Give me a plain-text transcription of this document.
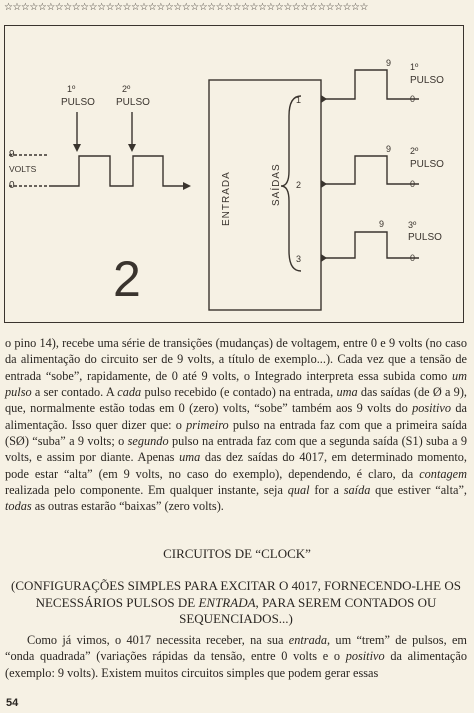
☆☆☆☆☆☆☆☆☆☆☆☆☆☆☆☆☆☆☆☆☆☆☆☆☆☆☆☆☆☆☆☆☆☆☆☆☆☆☆☆☆☆☆
1º
PULSO
2º
PULSO
9
VOLTS
0	ENTRADA	SAÍDAS
1
2
3
9 1º
PULSO
0
9 2º
PULSO
0
9	3º
PULSO
0
2

o pino 14), recebe uma série de transições (mudanças) de voltagem, entre 0 e 9 volts (no caso da alimentação do circuito ser de 9 volts, a título de exemplo...). Cada vez que a tensão de entrada “sobe”, rapidamente, de 0 até 9 volts, o Integrado interpreta essa subida como um pulso a ser contado. A cada pulso recebido (e contado) na entrada, uma das saídas (de Ø a 9), que, normalmente estão todas em 0 (zero) volts, “sobe” também aos 9 volts do positivo da alimentação. Isso quer dizer que: o primeiro pulso na entrada faz com que a primeira saída (SØ) “suba” a 9 volts; o segundo pulso na entrada faz com que a segunda saída (S1) suba a 9 volts, e assim por diante. Apenas uma das dez saídas do 4017, em determinado momento, pode estar “alta” (em 9 volts, no caso do exemplo), dependendo, é claro, da contagem realizada pelo componente. Em qualquer instante, seja qual for a saída que estiver “alta”, todas as outras estarão “baixas” (zero volts).

CIRCUITOS DE “CLOCK”

(CONFIGURAÇÕES SIMPLES PARA EXCITAR O 4017, FORNECENDO-LHE OS NECESSÁRIOS PULSOS DE ENTRADA, PARA SEREM CONTADOS OU SEQUENCIADOS...)

Como já vimos, o 4017 necessita receber, na sua entrada, um “trem” de pulsos, em “onda quadrada” (variações rápidas da tensão, entre 0 volts e o positivo da alimentação (exemplo: 9 volts). Existem muitos circuitos simples que podem gerar essas

54
